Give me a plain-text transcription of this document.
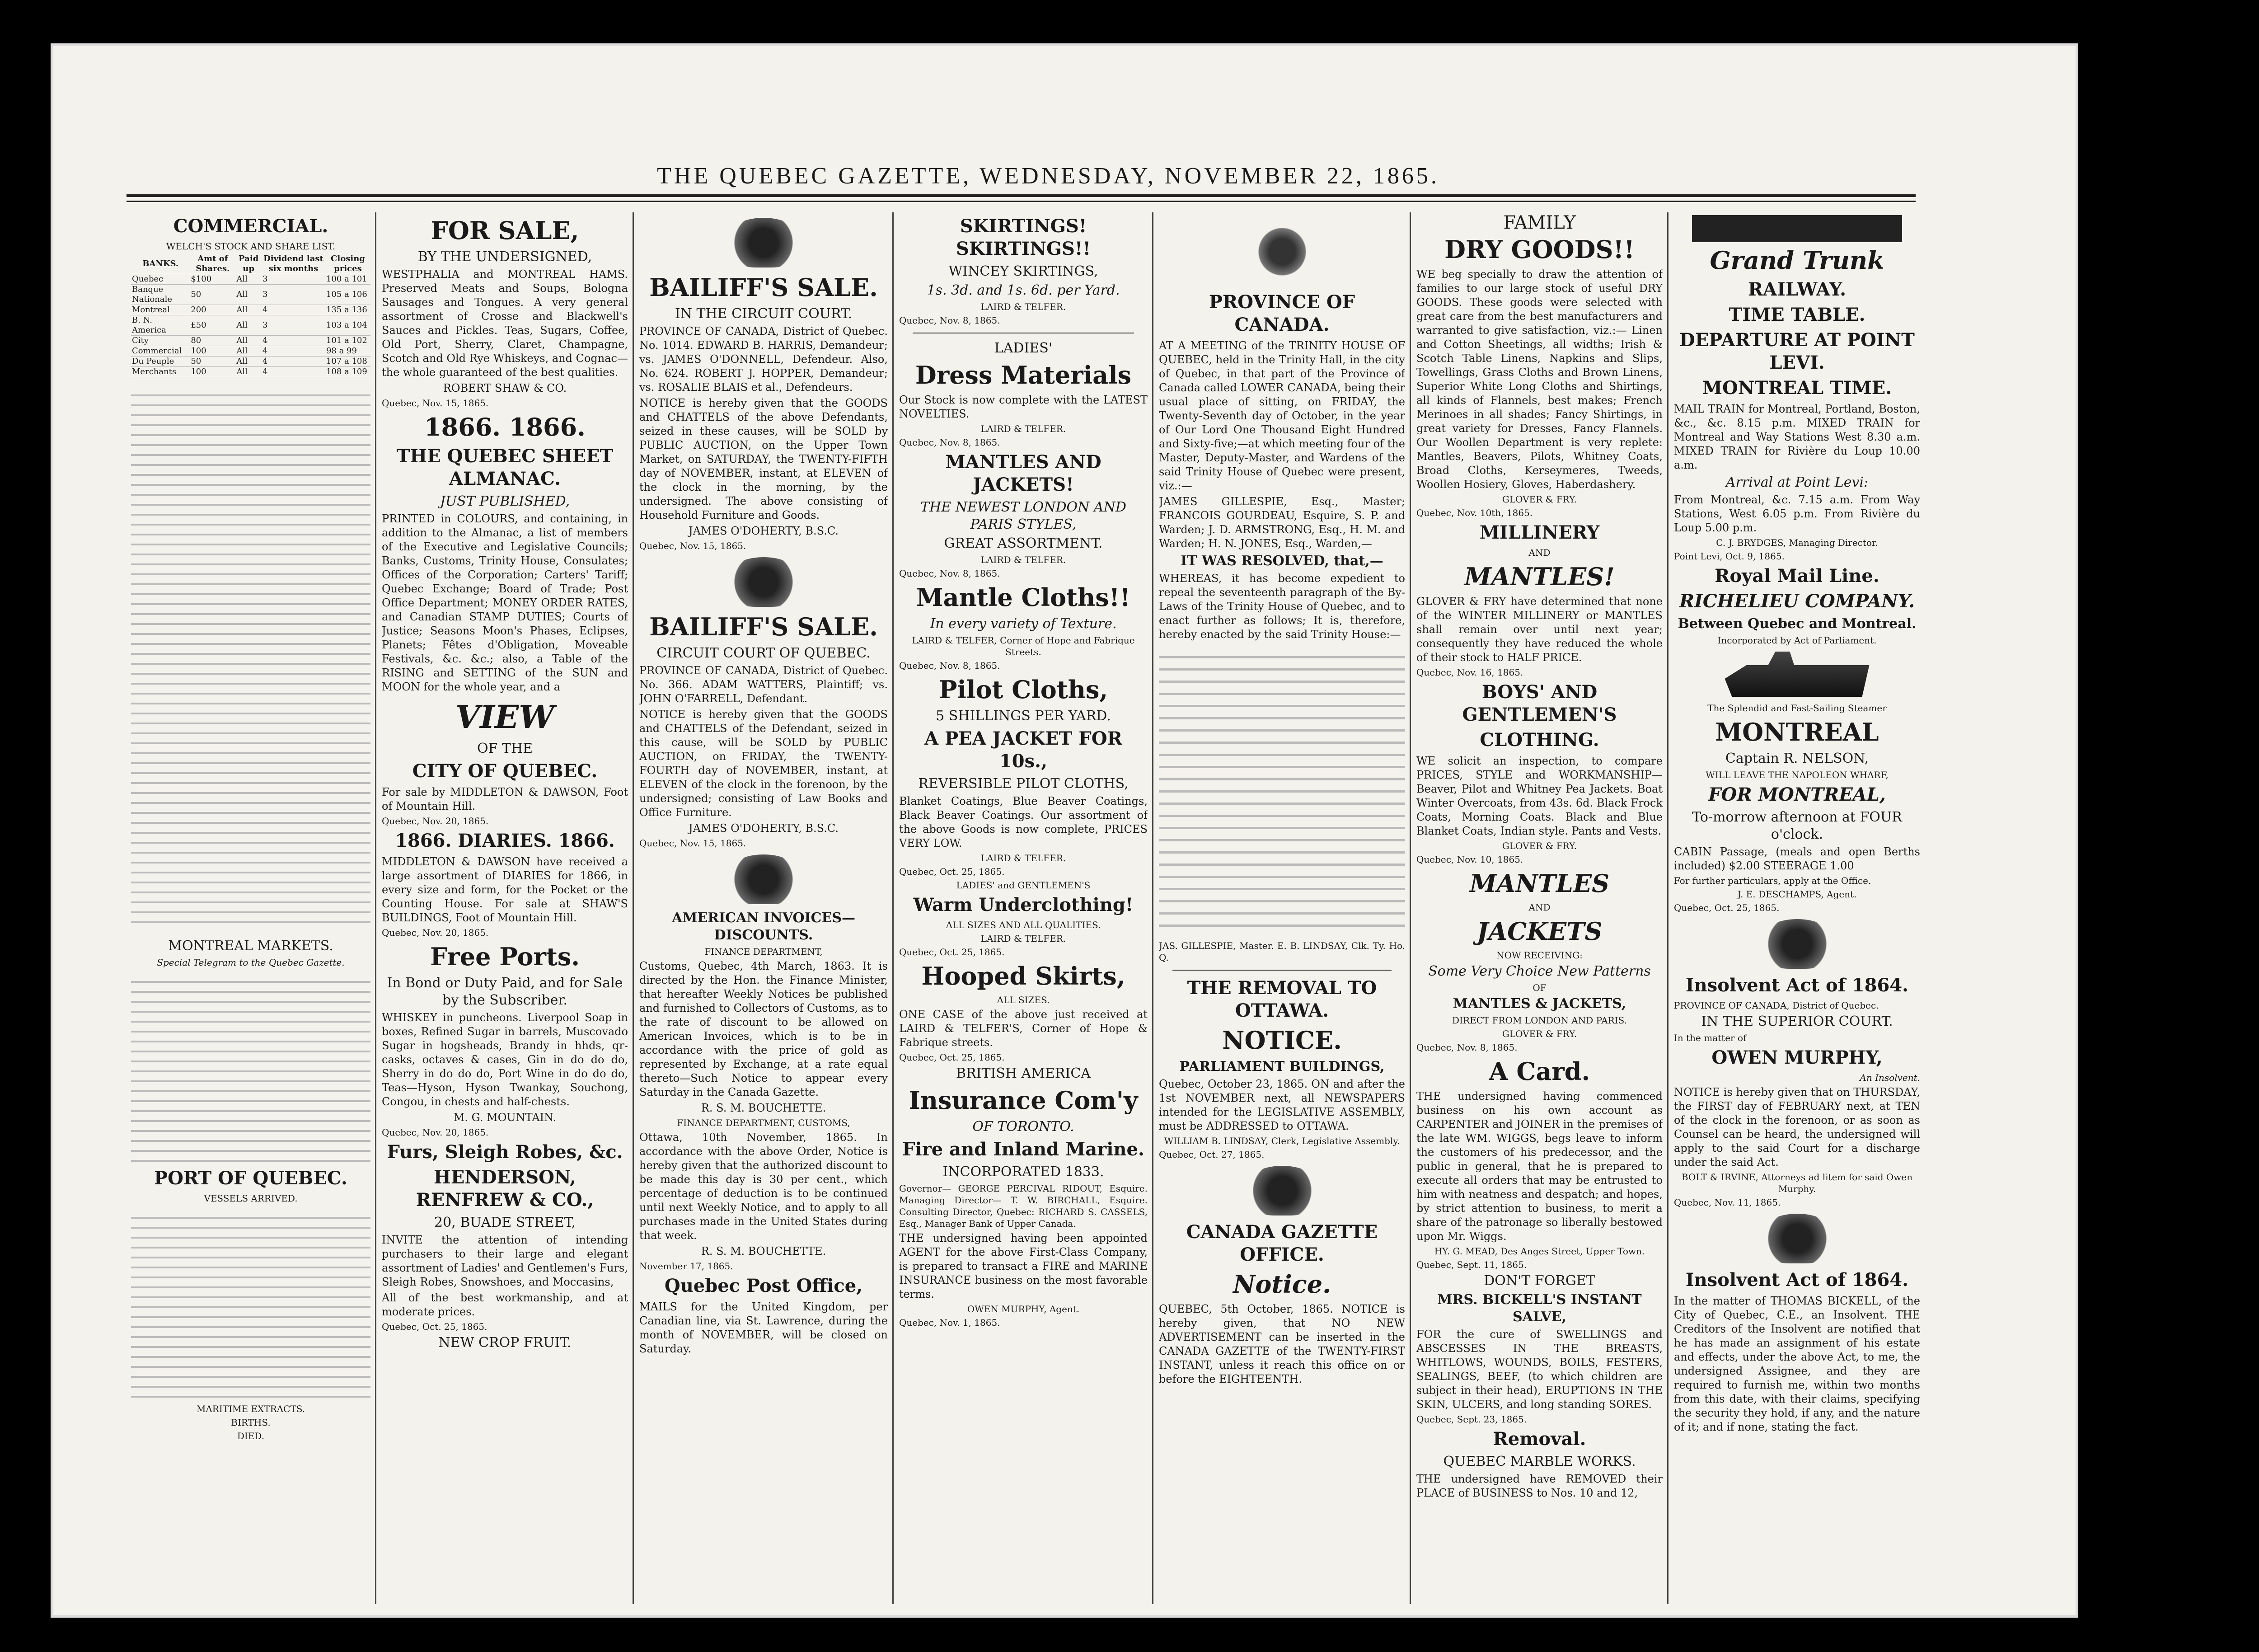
THE QUEBEC GAZETTE, WEDNESDAY, NOVEMBER 22, 1865.
COMMERCIAL.
WELCH'S STOCK AND SHARE LIST.
BANKS.	Amt of Shares.	Paid up	Dividend last six months	Closing prices
Quebec	$100	All	3	100 a 101
Banque Nationale	50	All	3	105 a 106
Montreal	200	All	4	135 a 136
B. N. America	£50	All	3	103 a 104
City	80	All	4	101 a 102
Commercial	100	All	4	98 a 99
Du Peuple	50	All	4	107 a 108
Merchants	100	All	4	108 a 109
MONTREAL MARKETS.
Special Telegram to the Quebec Gazette.
PORT OF QUEBEC.
VESSELS ARRIVED.
MARITIME EXTRACTS.
BIRTHS.
DIED.
FOR SALE,
BY THE UNDERSIGNED,
WESTPHALIA and MONTREAL HAMS. Preserved Meats and Soups, Bologna Sausages and Tongues. A very general assortment of Crosse and Blackwell's Sauces and Pickles. Teas, Sugars, Coffee, Old Port, Sherry, Claret, Champagne, Scotch and Old Rye Whiskeys, and Cognac—the whole guaranteed of the best qualities.
ROBERT SHAW & CO.
Quebec, Nov. 15, 1865.
1866. 1866.
THE QUEBEC SHEET ALMANAC.
JUST PUBLISHED,
PRINTED in COLOURS, and containing, in addition to the Almanac, a list of members of the Executive and Legislative Councils; Banks, Customs, Trinity House, Consulates; Offices of the Corporation; Carters' Tariff; Quebec Exchange; Board of Trade; Post Office Department; MONEY ORDER RATES, and Canadian STAMP DUTIES; Courts of Justice; Seasons Moon's Phases, Eclipses, Planets; Fêtes d'Obligation, Moveable Festivals, &c. &c.; also, a Table of the RISING and SETTING of the SUN and MOON for the whole year, and a
VIEW
OF THE
CITY OF QUEBEC.
For sale by MIDDLETON & DAWSON, Foot of Mountain Hill.
Quebec, Nov. 20, 1865.
1866. DIARIES. 1866.
MIDDLETON & DAWSON have received a large assortment of DIARIES for 1866, in every size and form, for the Pocket or the Counting House. For sale at SHAW'S BUILDINGS, Foot of Mountain Hill.
Quebec, Nov. 20, 1865.
Free Ports.
In Bond or Duty Paid, and for Sale by the Subscriber.
WHISKEY in puncheons. Liverpool Soap in boxes, Refined Sugar in barrels, Muscovado Sugar in hogsheads, Brandy in hhds, qr-casks, octaves & cases, Gin in do do do, Sherry in do do do, Port Wine in do do do, Teas—Hyson, Hyson Twankay, Souchong, Congou, in chests and half-chests.
M. G. MOUNTAIN.
Quebec, Nov. 20, 1865.
Furs, Sleigh Robes, &c.
HENDERSON, RENFREW & CO.,
20, BUADE STREET,
INVITE the attention of intending purchasers to their large and elegant assortment of Ladies' and Gentlemen's Furs, Sleigh Robes, Snowshoes, and Moccasins,
All of the best workmanship, and at moderate prices.
Quebec, Oct. 25, 1865.
NEW CROP FRUIT.
BAILIFF'S SALE.
IN THE CIRCUIT COURT.
PROVINCE OF CANADA, District of Quebec. No. 1014. EDWARD B. HARRIS, Demandeur; vs. JAMES O'DONNELL, Defendeur. Also, No. 624. ROBERT J. HOPPER, Demandeur; vs. ROSALIE BLAIS et al., Defendeurs.
NOTICE is hereby given that the GOODS and CHATTELS of the above Defendants, seized in these causes, will be SOLD by PUBLIC AUCTION, on the Upper Town Market, on SATURDAY, the TWENTY-FIFTH day of NOVEMBER, instant, at ELEVEN of the clock in the morning, by the undersigned. The above consisting of Household Furniture and Goods.
JAMES O'DOHERTY, B.S.C.
Quebec, Nov. 15, 1865.
BAILIFF'S SALE.
CIRCUIT COURT OF QUEBEC.
PROVINCE OF CANADA, District of Quebec. No. 366. ADAM WATTERS, Plaintiff; vs. JOHN O'FARRELL, Defendant.
NOTICE is hereby given that the GOODS and CHATTELS of the Defendant, seized in this cause, will be SOLD by PUBLIC AUCTION, on FRIDAY, the TWENTY-FOURTH day of NOVEMBER, instant, at ELEVEN of the clock in the forenoon, by the undersigned; consisting of Law Books and Office Furniture.
JAMES O'DOHERTY, B.S.C.
Quebec, Nov. 15, 1865.
AMERICAN INVOICES—DISCOUNTS.
FINANCE DEPARTMENT,
Customs, Quebec, 4th March, 1863. It is directed by the Hon. the Finance Minister, that hereafter Weekly Notices be published and furnished to Collectors of Customs, as to the rate of discount to be allowed on American Invoices, which is to be in accordance with the price of gold as represented by Exchange, at a rate equal thereto—Such Notice to appear every Saturday in the Canada Gazette.
R. S. M. BOUCHETTE.
FINANCE DEPARTMENT, CUSTOMS,
Ottawa, 10th November, 1865. In accordance with the above Order, Notice is hereby given that the authorized discount to be made this day is 30 per cent., which percentage of deduction is to be continued until next Weekly Notice, and to apply to all purchases made in the United States during that week.
R. S. M. BOUCHETTE.
November 17, 1865.
Quebec Post Office,
MAILS for the United Kingdom, per Canadian line, via St. Lawrence, during the month of NOVEMBER, will be closed on Saturday.
SKIRTINGS! SKIRTINGS!!
WINCEY SKIRTINGS,
1s. 3d. and 1s. 6d. per Yard.
LAIRD & TELFER.
Quebec, Nov. 8, 1865.
LADIES'
Dress Materials
Our Stock is now complete with the LATEST NOVELTIES.
LAIRD & TELFER.
Quebec, Nov. 8, 1865.
MANTLES AND JACKETS!
THE NEWEST LONDON AND PARIS STYLES,
GREAT ASSORTMENT.
LAIRD & TELFER.
Quebec, Nov. 8, 1865.
Mantle Cloths!!
In every variety of Texture.
LAIRD & TELFER, Corner of Hope and Fabrique Streets.
Quebec, Nov. 8, 1865.
Pilot Cloths,
5 SHILLINGS PER YARD.
A PEA JACKET FOR 10s.,
REVERSIBLE PILOT CLOTHS,
Blanket Coatings, Blue Beaver Coatings, Black Beaver Coatings. Our assortment of the above Goods is now complete, PRICES VERY LOW.
LAIRD & TELFER.
Quebec, Oct. 25, 1865.
LADIES' and GENTLEMEN'S
Warm Underclothing!
ALL SIZES AND ALL QUALITIES.
LAIRD & TELFER.
Quebec, Oct. 25, 1865.
Hooped Skirts,
ALL SIZES.
ONE CASE of the above just received at LAIRD & TELFER'S, Corner of Hope & Fabrique streets.
Quebec, Oct. 25, 1865.
BRITISH AMERICA
Insurance Com'y
OF TORONTO.
Fire and Inland Marine.
INCORPORATED 1833.
Governor— GEORGE PERCIVAL RIDOUT, Esquire. Managing Director— T. W. BIRCHALL, Esquire. Consulting Director, Quebec: RICHARD S. CASSELS, Esq., Manager Bank of Upper Canada.
THE undersigned having been appointed AGENT for the above First-Class Company, is prepared to transact a FIRE and MARINE INSURANCE business on the most favorable terms.
OWEN MURPHY, Agent.
Quebec, Nov. 1, 1865.
PROVINCE OF CANADA.
AT A MEETING of the TRINITY HOUSE OF QUEBEC, held in the Trinity Hall, in the city of Quebec, in that part of the Province of Canada called LOWER CANADA, being their usual place of sitting, on FRIDAY, the Twenty-Seventh day of October, in the year of Our Lord One Thousand Eight Hundred and Sixty-five;—at which meeting four of the Master, Deputy-Master, and Wardens of the said Trinity House of Quebec were present, viz.:—
JAMES GILLESPIE, Esq., Master; FRANCOIS GOURDEAU, Esquire, S. P. and Warden; J. D. ARMSTRONG, Esq., H. M. and Warden; H. N. JONES, Esq., Warden,—
IT WAS RESOLVED, that,—
WHEREAS, it has become expedient to repeal the seventeenth paragraph of the By-Laws of the Trinity House of Quebec, and to enact further as follows; It is, therefore, hereby enacted by the said Trinity House:—
JAS. GILLESPIE, Master. E. B. LINDSAY, Clk. Ty. Ho. Q.
THE REMOVAL TO OTTAWA.
NOTICE.
PARLIAMENT BUILDINGS,
Quebec, October 23, 1865. ON and after the 1st NOVEMBER next, all NEWSPAPERS intended for the LEGISLATIVE ASSEMBLY, must be ADDRESSED to OTTAWA.
WILLIAM B. LINDSAY, Clerk, Legislative Assembly.
Quebec, Oct. 27, 1865.
CANADA GAZETTE OFFICE.
Notice.
QUEBEC, 5th October, 1865. NOTICE is hereby given, that NO NEW ADVERTISEMENT can be inserted in the CANADA GAZETTE of the TWENTY-FIRST INSTANT, unless it reach this office on or before the EIGHTEENTH.
FAMILY
DRY GOODS!!
WE beg specially to draw the attention of families to our large stock of useful DRY GOODS. These goods were selected with great care from the best manufacturers and warranted to give satisfaction, viz.:— Linen and Cotton Sheetings, all widths; Irish & Scotch Table Linens, Napkins and Slips, Towellings, Grass Cloths and Brown Linens, Superior White Long Cloths and Shirtings, all kinds of Flannels, best makes; French Merinoes in all shades; Fancy Shirtings, in great variety for Dresses, Fancy Flannels. Our Woollen Department is very replete: Mantles, Beavers, Pilots, Whitney Coats, Broad Cloths, Kerseymeres, Tweeds, Woollen Hosiery, Gloves, Haberdashery.
GLOVER & FRY.
Quebec, Nov. 10th, 1865.
MILLINERY
AND
MANTLES!
GLOVER & FRY have determined that none of the WINTER MILLINERY or MANTLES shall remain over until next year; consequently they have reduced the whole of their stock to HALF PRICE.
Quebec, Nov. 16, 1865.
BOYS' AND GENTLEMEN'S
CLOTHING.
WE solicit an inspection, to compare PRICES, STYLE and WORKMANSHIP— Beaver, Pilot and Whitney Pea Jackets. Boat Winter Overcoats, from 43s. 6d. Black Frock Coats, Morning Coats. Black and Blue Blanket Coats, Indian style. Pants and Vests.
GLOVER & FRY.
Quebec, Nov. 10, 1865.
MANTLES
AND
JACKETS
NOW RECEIVING:
Some Very Choice New Patterns
OF
MANTLES & JACKETS,
DIRECT FROM LONDON AND PARIS.
GLOVER & FRY.
Quebec, Nov. 8, 1865.
A Card.
THE undersigned having commenced business on his own account as CARPENTER and JOINER in the premises of the late WM. WIGGS, begs leave to inform the customers of his predecessor, and the public in general, that he is prepared to execute all orders that may be entrusted to him with neatness and despatch; and hopes, by strict attention to business, to merit a share of the patronage so liberally bestowed upon Mr. Wiggs.
HY. G. MEAD, Des Anges Street, Upper Town.
Quebec, Sept. 11, 1865.
DON'T FORGET
MRS. BICKELL'S INSTANT SALVE,
FOR the cure of SWELLINGS and ABSCESSES IN THE BREASTS, WHITLOWS, WOUNDS, BOILS, FESTERS, SEALINGS, BEEF, (to which children are subject in their head), ERUPTIONS IN THE SKIN, ULCERS, and long standing SORES.
Quebec, Sept. 23, 1865.
Removal.
QUEBEC MARBLE WORKS.
THE undersigned have REMOVED their PLACE of BUSINESS to Nos. 10 and 12,
Grand Trunk
RAILWAY.
TIME TABLE.
DEPARTURE AT POINT LEVI.
MONTREAL TIME.
MAIL TRAIN for Montreal, Portland, Boston, &c., &c. 8.15 p.m. MIXED TRAIN for Montreal and Way Stations West 8.30 a.m. MIXED TRAIN for Rivière du Loup 10.00 a.m.
Arrival at Point Levi:
From Montreal, &c. 7.15 a.m. From Way Stations, West 6.05 p.m. From Rivière du Loup 5.00 p.m.
C. J. BRYDGES, Managing Director.
Point Levi, Oct. 9, 1865.
Royal Mail Line.
RICHELIEU COMPANY.
Between Quebec and Montreal.
Incorporated by Act of Parliament.
The Splendid and Fast-Sailing Steamer
MONTREAL
Captain R. NELSON,
WILL LEAVE THE NAPOLEON WHARF,
FOR MONTREAL,
To-morrow afternoon at FOUR o'clock.
CABIN Passage, (meals and open Berths included) $2.00 STEERAGE 1.00
For further particulars, apply at the Office.
J. E. DESCHAMPS, Agent.
Quebec, Oct. 25, 1865.
Insolvent Act of 1864.
PROVINCE OF CANADA, District of Quebec.
IN THE SUPERIOR COURT.
In the matter of
OWEN MURPHY,
An Insolvent.
NOTICE is hereby given that on THURSDAY, the FIRST day of FEBRUARY next, at TEN of the clock in the forenoon, or as soon as Counsel can be heard, the undersigned will apply to the said Court for a discharge under the said Act.
BOLT & IRVINE, Attorneys ad litem for said Owen Murphy.
Quebec, Nov. 11, 1865.
Insolvent Act of 1864.
In the matter of THOMAS BICKELL, of the City of Quebec, C.E., an Insolvent. THE Creditors of the Insolvent are notified that he has made an assignment of his estate and effects, under the above Act, to me, the undersigned Assignee, and they are required to furnish me, within two months from this date, with their claims, specifying the security they hold, if any, and the nature of it; and if none, stating the fact.
